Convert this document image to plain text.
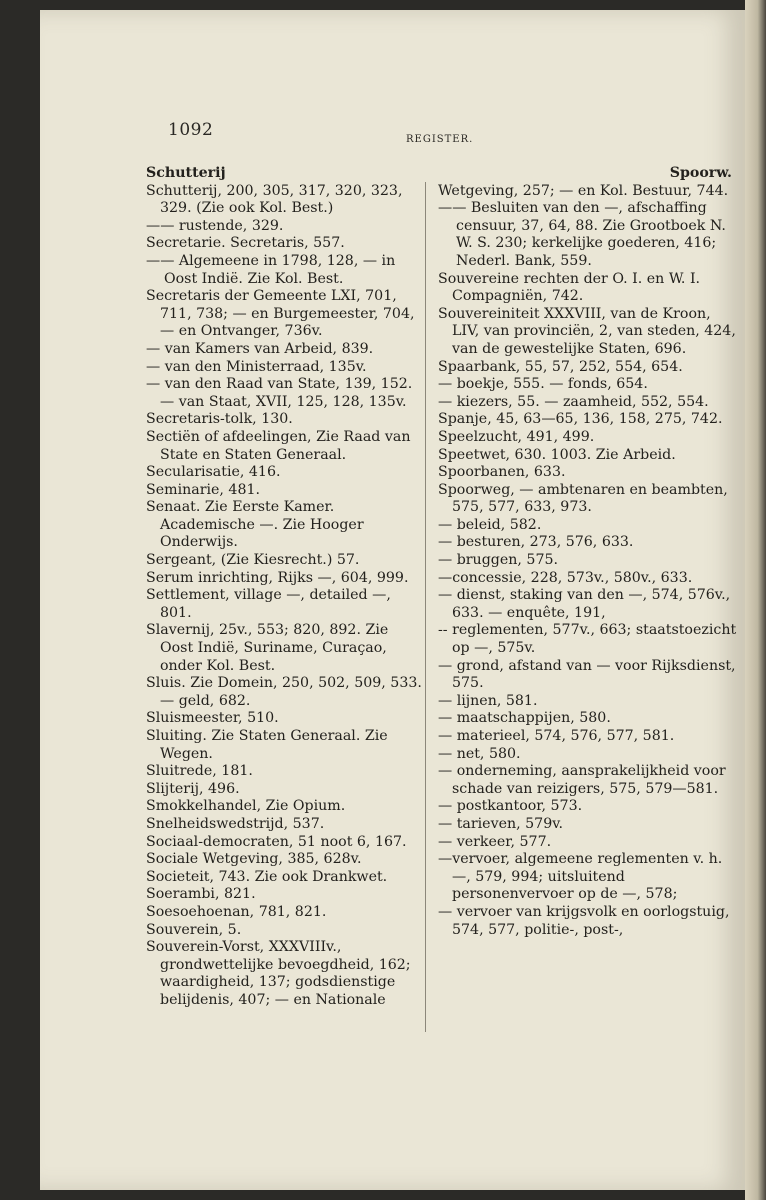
1092	REGISTER.

Schutterij

Schutterij, 200, 305, 317, 320, 323, 329. (Zie ook Kol. Best.)

—— rustende, 329.

Secretarie. Secretaris, 557.

—— Algemeene in 1798, 128, — in Oost Indië. Zie Kol. Best.

Secretaris der Gemeente LXI, 701, 711, 738; — en Burgemeester, 704, — en Ontvanger, 736v.

— van Kamers van Arbeid, 839.

— van den Ministerraad, 135v.

— van den Raad van State, 139, 152. — van Staat, XVII, 125, 128, 135v.

Secretaris-tolk, 130.

Sectiën of afdeelingen, Zie Raad van State en Staten Generaal.

Secularisatie, 416.

Seminarie, 481.

Senaat. Zie Eerste Kamer. Academische —. Zie Hooger Onderwijs.

Sergeant, (Zie Kiesrecht.) 57.

Serum inrichting, Rijks —, 604, 999.

Settlement, village —, detailed —, 801.

Slavernij, 25v., 553; 820, 892. Zie Oost Indië, Suriname, Curaçao, onder Kol. Best.

Sluis. Zie Domein, 250, 502, 509, 533. — geld, 682.

Sluismeester, 510.

Sluiting. Zie Staten Generaal. Zie Wegen.

Sluitrede, 181.

Slijterij, 496.

Smokkelhandel, Zie Opium.

Snelheidswedstrijd, 537.

Sociaal-democraten, 51 noot 6, 167.

Sociale Wetgeving, 385, 628v.

Societeit, 743. Zie ook Drankwet.

Soerambi, 821.

Soesoehoenan, 781, 821.

Souverein, 5.

Souverein-Vorst, XXXVIIIv., grondwettelijke bevoegdheid, 162; waardigheid, 137; godsdienstige belijdenis, 407; — en Nationale

Spoorw.

Wetgeving, 257; — en Kol. Bestuur, 744.

—— Besluiten van den —, afschaffing censuur, 37, 64, 88. Zie Grootboek N. W. S. 230; kerkelijke goederen, 416; Nederl. Bank, 559.

Souvereine rechten der O. I. en W. I. Compagniën, 742.

Souvereiniteit XXXVIII, van de Kroon, LIV, van provinciën, 2, van steden, 424, van de gewestelijke Staten, 696.

Spaarbank, 55, 57, 252, 554, 654.

— boekje, 555. — fonds, 654.

— kiezers, 55. — zaamheid, 552, 554.

Spanje, 45, 63—65, 136, 158, 275, 742.

Speelzucht, 491, 499.

Speetwet, 630. 1003. Zie Arbeid.

Spoorbanen, 633.

Spoorweg, — ambtenaren en beambten, 575, 577, 633, 973.

— beleid, 582.

— besturen, 273, 576, 633.

— bruggen, 575.

—concessie, 228, 573v., 580v., 633.

— dienst, staking van den —, 574, 576v., 633. — enquête, 191,

-- reglementen, 577v., 663; staatstoezicht op —, 575v.

— grond, afstand van — voor Rijksdienst, 575.

— lijnen, 581.

— maatschappijen, 580.

— materieel, 574, 576, 577, 581.

— net, 580.

— onderneming, aansprakelijkheid voor schade van reizigers, 575, 579—581.

— postkantoor, 573.

— tarieven, 579v.

— verkeer, 577.

—vervoer, algemeene reglementen v. h. —, 579, 994; uitsluitend personenvervoer op de —, 578;

— vervoer van krijgsvolk en oorlogstuig, 574, 577, politie-, post-,
